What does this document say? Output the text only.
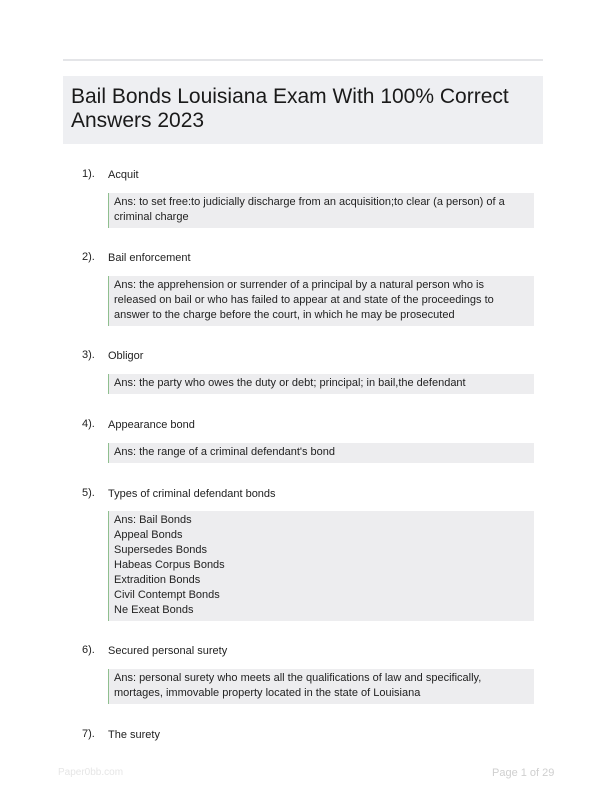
Bail Bonds Louisiana Exam With 100% Correct Answers 2023
1). Acquit
Ans: to set free:to judicially discharge from an acquisition;to clear (a person) of a criminal charge
2). Bail enforcement
Ans: the apprehension or surrender of a principal by a natural person who is released on bail or who has failed to appear at and state of the proceedings to answer to the charge before the court, in which he may be prosecuted
3). Obligor
Ans: the party who owes the duty or debt; principal; in bail,the defendant
4). Appearance bond
Ans: the range of a criminal defendant's bond
5). Types of criminal defendant bonds
Ans: Bail Bonds
Appeal Bonds
Supersedes Bonds
Habeas Corpus Bonds
Extradition Bonds
Civil Contempt Bonds
Ne Exeat Bonds
6). Secured personal surety
Ans: personal surety who meets all the qualifications of law and specifically, mortages, immovable property located in the state of Louisiana
7). The surety
Paper0bb.com	Page 1 of 29
